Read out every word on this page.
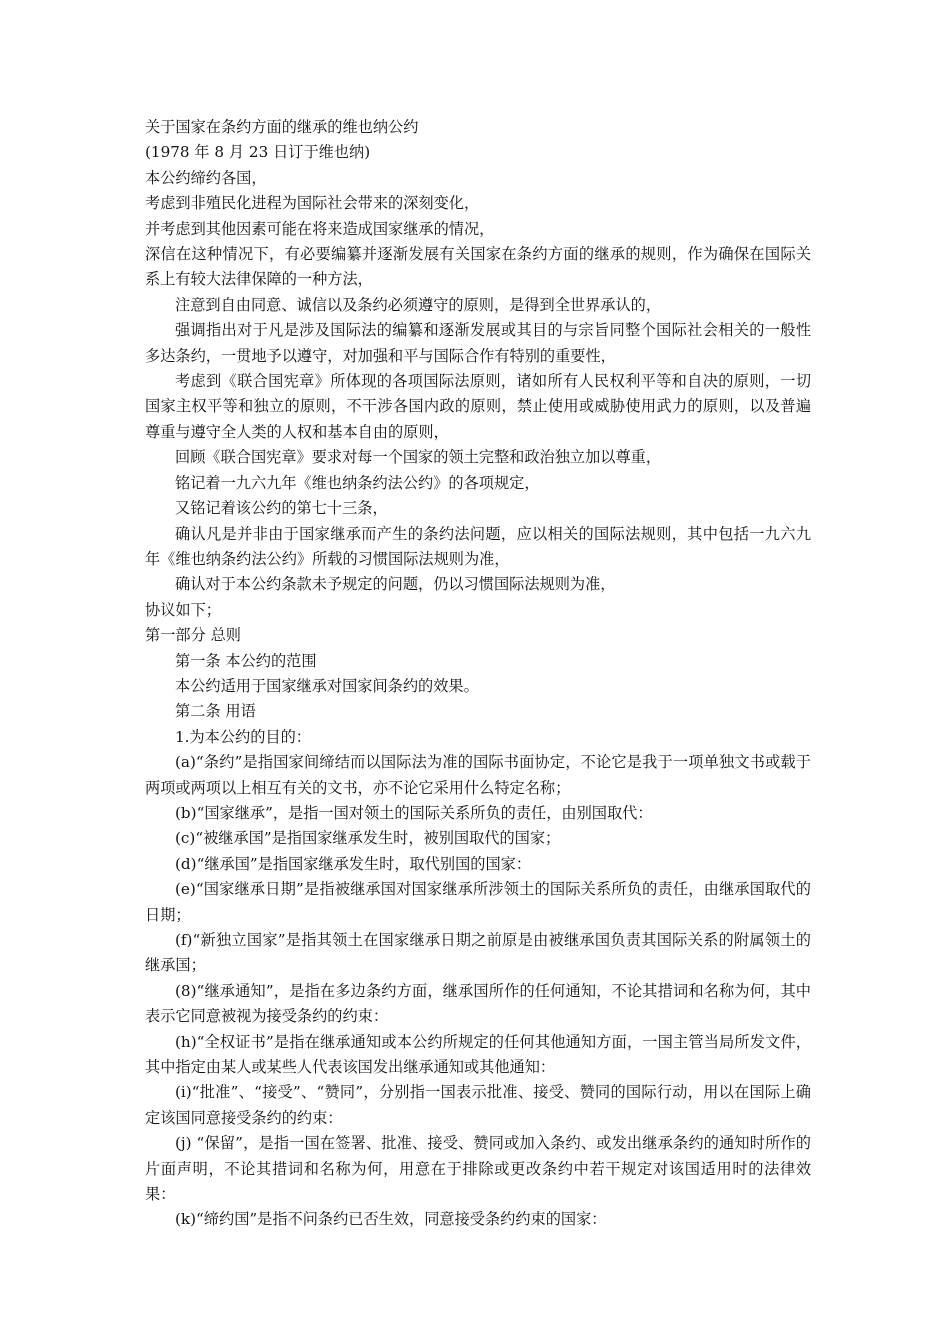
关于国家在条约方面的继承的维也纳公约

(1978 年 8 月 23 日订于维也纳)

本公约缔约各国，

考虑到非殖民化进程为国际社会带来的深刻变化，

并考虑到其他因素可能在将来造成国家继承的情况，

深信在这种情况下，有必要编纂并逐渐发展有关国家在条约方面的继承的规则，作为确保在国际关系上有较大法律保障的一种方法，

注意到自由同意、诚信以及条约必须遵守的原则，是得到全世界承认的，

强调指出对于凡是涉及国际法的编纂和逐渐发展或其目的与宗旨同整个国际社会相关的一般性多达条约，一贯地予以遵守，对加强和平与国际合作有特别的重要性，

考虑到《联合国宪章》所体现的各项国际法原则，诸如所有人民权利平等和自决的原则，一切国家主权平等和独立的原则，不干涉各国内政的原则，禁止使用或威胁使用武力的原则，以及普遍尊重与遵守全人类的人权和基本自由的原则，

回顾《联合国宪章》要求对每一个国家的领土完整和政治独立加以尊重，

铭记着一九六九年《维也纳条约法公约》的各项规定，

又铭记着该公约的第七十三条，

确认凡是并非由于国家继承而产生的条约法问题，应以相关的国际法规则，其中包括一九六九年《维也纳条约法公约》所载的习惯国际法规则为准，

确认对于本公约条款未予规定的问题，仍以习惯国际法规则为准，

协议如下；

第一部分 总则

第一条 本公约的范围

本公约适用于国家继承对国家间条约的效果。

第二条 用语

1.为本公约的目的：

(a)“条约”是指国家间缔结而以国际法为准的国际书面协定，不论它是我于一项单独文书或载于两项或两项以上相互有关的文书，亦不论它采用什么特定名称；

(b)“国家继承”，是指一国对领土的国际关系所负的责任，由别国取代：

(c)“被继承国”是指国家继承发生时，被别国取代的国家；

(d)“继承国”是指国家继承发生时，取代别国的国家：

(e)“国家继承日期”是指被继承国对国家继承所涉领土的国际关系所负的责任，由继承国取代的日期；

(f)“新独立国家”是指其领土在国家继承日期之前原是由被继承国负责其国际关系的附属领土的继承国；

(8)“继承通知”，是指在多边条约方面，继承国所作的任何通知，不论其措词和名称为何，其中表示它同意被视为接受条约的约束：

(h)“全权证书”是指在继承通知或本公约所规定的任何其他通知方面，一国主管当局所发文件，其中指定由某人或某些人代表该国发出继承通知或其他通知：

(i)“批准”、“接受”、“赞同”，分别指一国表示批准、接受、赞同的国际行动，用以在国际上确定该国同意接受条约的约束：

(j) “保留”，是指一国在签署、批准、接受、赞同或加入条约、或发出继承条约的通知时所作的片面声明，不论其措词和名称为何，用意在于排除或更改条约中若干规定对该国适用时的法律效果：

(k)“缔约国”是指不问条约已否生效，同意接受条约约束的国家：
